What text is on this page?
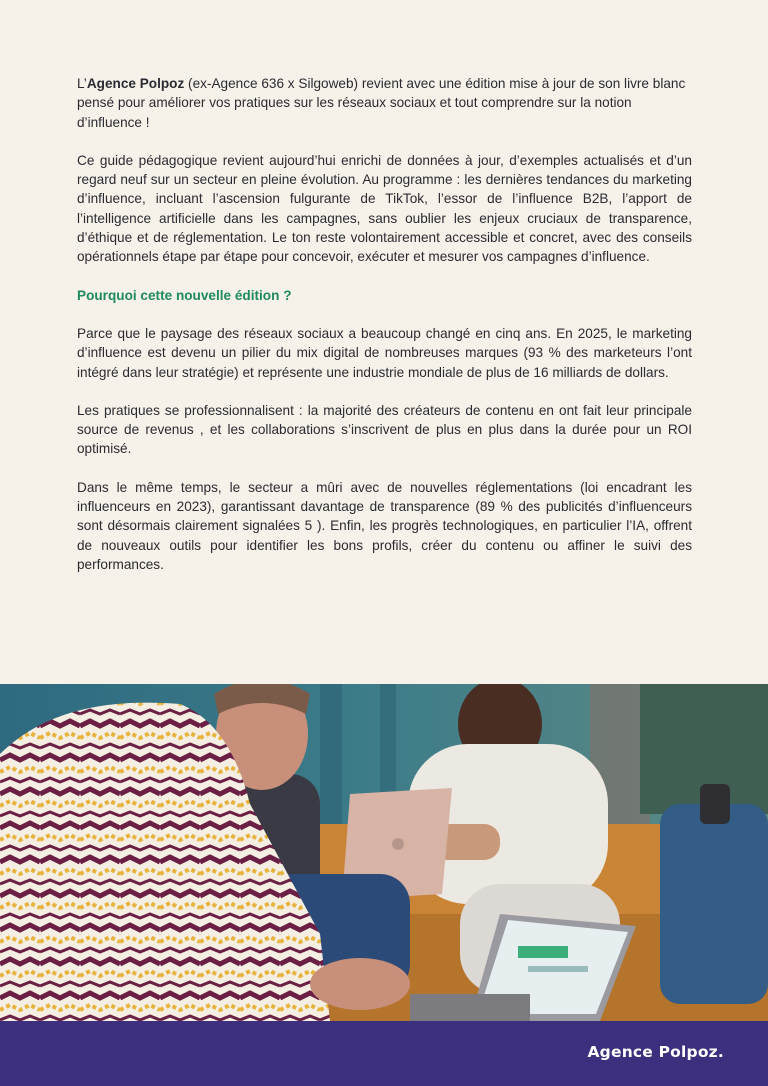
L’Agence Polpoz (ex-Agence 636 x Silgoweb) revient avec une édition mise à jour de son livre blanc pensé pour améliorer vos pratiques sur les réseaux sociaux et tout comprendre sur la notion d’influence !

Ce guide pédagogique revient aujourd’hui enrichi de données à jour, d’exemples actualisés et d’un regard neuf sur un secteur en pleine évolution. Au programme : les dernières tendances du marketing d’influence, incluant l’ascension fulgurante de TikTok, l’essor de l’influence B2B, l’apport de l’intelligence artificielle dans les campagnes, sans oublier les enjeux cruciaux de transparence, d’éthique et de réglementation. Le ton reste volontairement accessible et concret, avec des conseils opérationnels étape par étape pour concevoir, exécuter et mesurer vos campagnes d’influence.

Pourquoi cette nouvelle édition ?

Parce que le paysage des réseaux sociaux a beaucoup changé en cinq ans. En 2025, le marketing d’influence est devenu un pilier du mix digital de nombreuses marques (93 % des marketeurs l’ont intégré dans leur stratégie) et représente une industrie mondiale de plus de 16 milliards de dollars.

Les pratiques se professionnalisent : la majorité des créateurs de contenu en ont fait leur principale source de revenus , et les collaborations s’inscrivent de plus en plus dans la durée pour un ROI optimisé.

Dans le même temps, le secteur a mûri avec de nouvelles réglementations (loi encadrant les influenceurs en 2023), garantissant davantage de transparence (89 % des publicités d’influenceurs sont désormais clairement signalées 5 ). Enfin, les progrès technologiques, en particulier l’IA, offrent de nouveaux outils pour identifier les bons profils, créer du contenu ou affiner le suivi des performances.

Agence Polpoz.
